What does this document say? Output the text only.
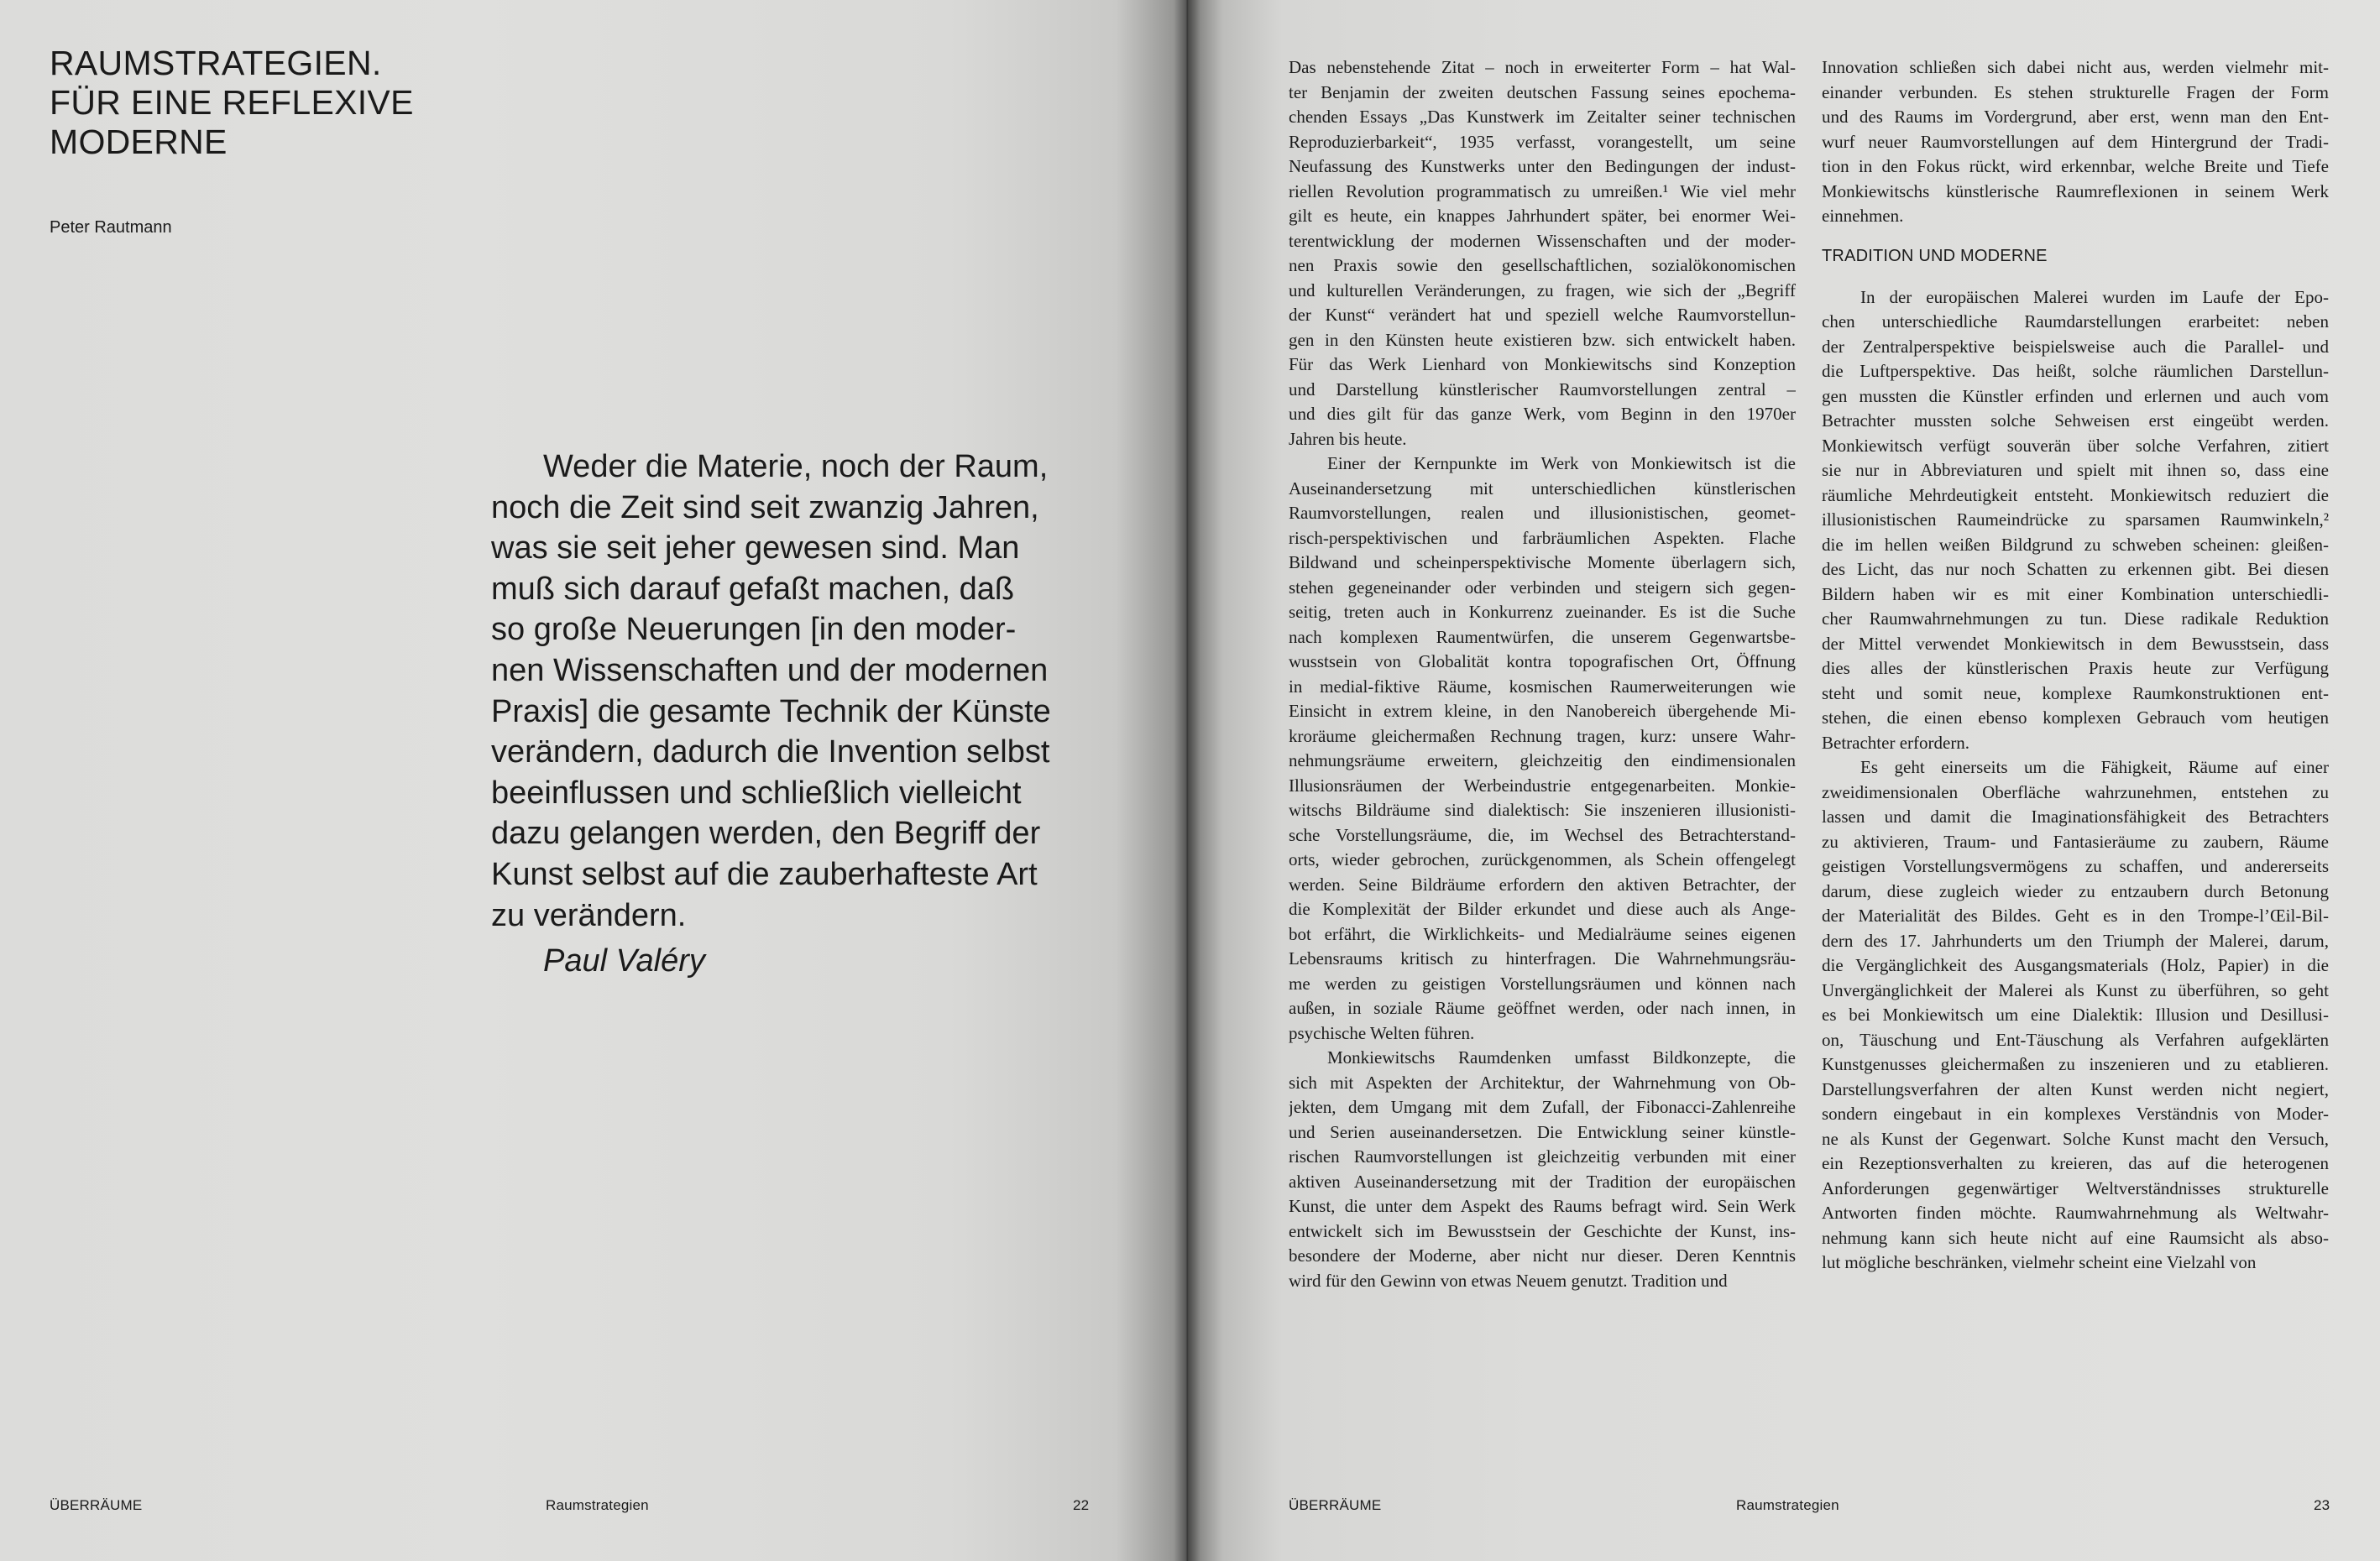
RAUMSTRATEGIEN.
FÜR EINE REFLEXIVE
MODERNE
Peter Rautmann

Weder die Materie, noch der Raum,
noch die Zeit sind seit zwanzig Jahren,
was sie seit jeher gewesen sind. Man
muß sich darauf gefaßt machen, daß
so große Neuerungen [in den moder-
nen Wissenschaften und der modernen
Praxis] die gesamte Technik der Künste
verändern, dadurch die Invention selbst
beeinflussen und schließlich vielleicht
dazu gelangen werden, den Begriff der
Kunst selbst auf die zauberhafteste Art
zu verändern.

Paul Valéry
ÜBERRÄUME	Raumstrategien	22
Das nebenstehende Zitat – noch in erweiterter Form – hat Wal-
ter Benjamin der zweiten deutschen Fassung seines epochema-
chenden Essays „Das Kunstwerk im Zeitalter seiner technischen
Reproduzierbarkeit“, 1935 verfasst, vorangestellt, um seine
Neufassung des Kunstwerks unter den Bedingungen der indust-
riellen Revolution programmatisch zu umreißen.¹ Wie viel mehr
gilt es heute, ein knappes Jahrhundert später, bei enormer Wei-
terentwicklung der modernen Wissenschaften und der moder-
nen Praxis sowie den gesellschaftlichen, sozialökonomischen
und kulturellen Veränderungen, zu fragen, wie sich der „Begriff
der Kunst“ verändert hat und speziell welche Raumvorstellun-
gen in den Künsten heute existieren bzw. sich entwickelt haben.
Für das Werk Lienhard von Monkiewitschs sind Konzeption
und Darstellung künstlerischer Raumvorstellungen zentral –
und dies gilt für das ganze Werk, vom Beginn in den 1970er
Jahren bis heute.
Einer der Kernpunkte im Werk von Monkiewitsch ist die
Auseinandersetzung mit unterschiedlichen künstlerischen
Raumvorstellungen, realen und illusionistischen, geomet-
risch-perspektivischen und farbräumlichen Aspekten. Flache
Bildwand und scheinperspektivische Momente überlagern sich,
stehen gegeneinander oder verbinden und steigern sich gegen-
seitig, treten auch in Konkurrenz zueinander. Es ist die Suche
nach komplexen Raumentwürfen, die unserem Gegenwartsbe-
wusstsein von Globalität kontra topografischen Ort, Öffnung
in medial-fiktive Räume, kosmischen Raumerweiterungen wie
Einsicht in extrem kleine, in den Nanobereich übergehende Mi-
kroräume gleichermaßen Rechnung tragen, kurz: unsere Wahr-
nehmungsräume erweitern, gleichzeitig den eindimensionalen
Illusionsräumen der Werbeindustrie entgegenarbeiten. Monkie-
witschs Bildräume sind dialektisch: Sie inszenieren illusionisti-
sche Vorstellungsräume, die, im Wechsel des Betrachterstand-
orts, wieder gebrochen, zurückgenommen, als Schein offengelegt
werden. Seine Bildräume erfordern den aktiven Betrachter, der
die Komplexität der Bilder erkundet und diese auch als Ange-
bot erfährt, die Wirklichkeits- und Medialräume seines eigenen
Lebensraums kritisch zu hinterfragen. Die Wahrnehmungsräu-
me werden zu geistigen Vorstellungsräumen und können nach
außen, in soziale Räume geöffnet werden, oder nach innen, in
psychische Welten führen.
Monkiewitschs Raumdenken umfasst Bildkonzepte, die
sich mit Aspekten der Architektur, der Wahrnehmung von Ob-
jekten, dem Umgang mit dem Zufall, der Fibonacci-Zahlenreihe
und Serien auseinandersetzen. Die Entwicklung seiner künstle-
rischen Raumvorstellungen ist gleichzeitig verbunden mit einer
aktiven Auseinandersetzung mit der Tradition der europäischen
Kunst, die unter dem Aspekt des Raums befragt wird. Sein Werk
entwickelt sich im Bewusstsein der Geschichte der Kunst, ins-
besondere der Moderne, aber nicht nur dieser. Deren Kenntnis
wird für den Gewinn von etwas Neuem genutzt. Tradition und
Innovation schließen sich dabei nicht aus, werden vielmehr mit-
einander verbunden. Es stehen strukturelle Fragen der Form
und des Raums im Vordergrund, aber erst, wenn man den Ent-
wurf neuer Raumvorstellungen auf dem Hintergrund der Tradi-
tion in den Fokus rückt, wird erkennbar, welche Breite und Tiefe
Monkiewitschs künstlerische Raumreflexionen in seinem Werk
einnehmen.
TRADITION UND MODERNE
In der europäischen Malerei wurden im Laufe der Epo-
chen unterschiedliche Raumdarstellungen erarbeitet: neben
der Zentralperspektive beispielsweise auch die Parallel- und
die Luftperspektive. Das heißt, solche räumlichen Darstellun-
gen mussten die Künstler erfinden und erlernen und auch vom
Betrachter mussten solche Sehweisen erst eingeübt werden.
Monkiewitsch verfügt souverän über solche Verfahren, zitiert
sie nur in Abbreviaturen und spielt mit ihnen so, dass eine
räumliche Mehrdeutigkeit entsteht. Monkiewitsch reduziert die
illusionistischen Raumeindrücke zu sparsamen Raumwinkeln,²
die im hellen weißen Bildgrund zu schweben scheinen: gleißen-
des Licht, das nur noch Schatten zu erkennen gibt. Bei diesen
Bildern haben wir es mit einer Kombination unterschiedli-
cher Raumwahrnehmungen zu tun. Diese radikale Reduktion
der Mittel verwendet Monkiewitsch in dem Bewusstsein, dass
dies alles der künstlerischen Praxis heute zur Verfügung
steht und somit neue, komplexe Raumkonstruktionen ent-
stehen, die einen ebenso komplexen Gebrauch vom heutigen
Betrachter erfordern.
Es geht einerseits um die Fähigkeit, Räume auf einer
zweidimensionalen Oberfläche wahrzunehmen, entstehen zu
lassen und damit die Imaginationsfähigkeit des Betrachters
zu aktivieren, Traum- und Fantasieräume zu zaubern, Räume
geistigen Vorstellungsvermögens zu schaffen, und andererseits
darum, diese zugleich wieder zu entzaubern durch Betonung
der Materialität des Bildes. Geht es in den Trompe-l’Œil-Bil-
dern des 17. Jahrhunderts um den Triumph der Malerei, darum,
die Vergänglichkeit des Ausgangsmaterials (Holz, Papier) in die
Unvergänglichkeit der Malerei als Kunst zu überführen, so geht
es bei Monkiewitsch um eine Dialektik: Illusion und Desillusi-
on, Täuschung und Ent-Täuschung als Verfahren aufgeklärten
Kunstgenusses gleichermaßen zu inszenieren und zu etablieren.
Darstellungsverfahren der alten Kunst werden nicht negiert,
sondern eingebaut in ein komplexes Verständnis von Moder-
ne als Kunst der Gegenwart. Solche Kunst macht den Versuch,
ein Rezeptionsverhalten zu kreieren, das auf die heterogenen
Anforderungen gegenwärtiger Weltverständnisses strukturelle
Antworten finden möchte. Raumwahrnehmung als Weltwahr-
nehmung kann sich heute nicht auf eine Raumsicht als abso-
lut mögliche beschränken, vielmehr scheint eine Vielzahl von
ÜBERRÄUME	Raumstrategien	23
